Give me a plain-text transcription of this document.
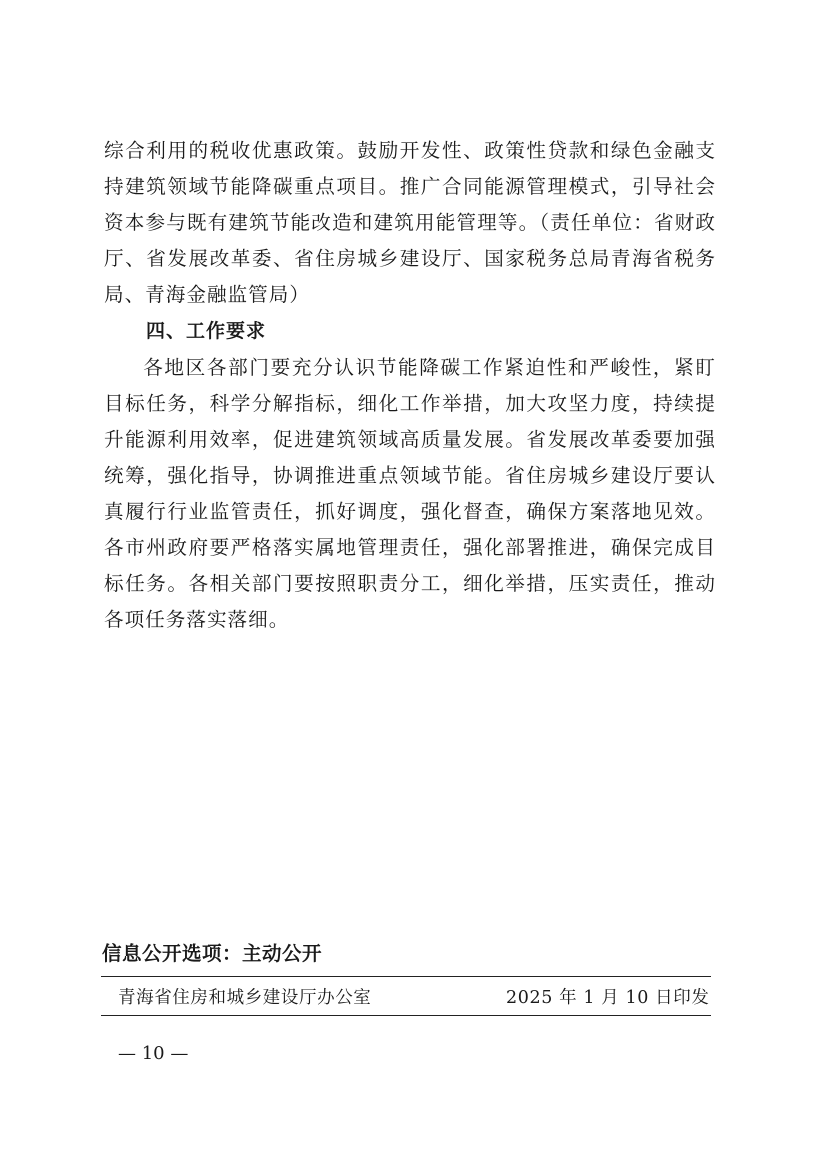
综合利用的税收优惠政策。鼓励开发性、政策性贷款和绿色金融支持建筑领域节能降碳重点项目。推广合同能源管理模式，引导社会资本参与既有建筑节能改造和建筑用能管理等。（责任单位：省财政厅、省发展改革委、省住房城乡建设厅、国家税务总局青海省税务局、青海金融监管局）

四、工作要求

各地区各部门要充分认识节能降碳工作紧迫性和严峻性，紧盯目标任务，科学分解指标，细化工作举措，加大攻坚力度，持续提升能源利用效率，促进建筑领域高质量发展。省发展改革委要加强统筹，强化指导，协调推进重点领域节能。省住房城乡建设厅要认真履行行业监管责任，抓好调度，强化督查，确保方案落地见效。各市州政府要严格落实属地管理责任，强化部署推进，确保完成目标任务。各相关部门要按照职责分工，细化举措，压实责任，推动各项任务落实落细。

信息公开选项：主动公开
青海省住房和城乡建设厅办公室	2025 年 1 月 10 日印发
— 10 —
